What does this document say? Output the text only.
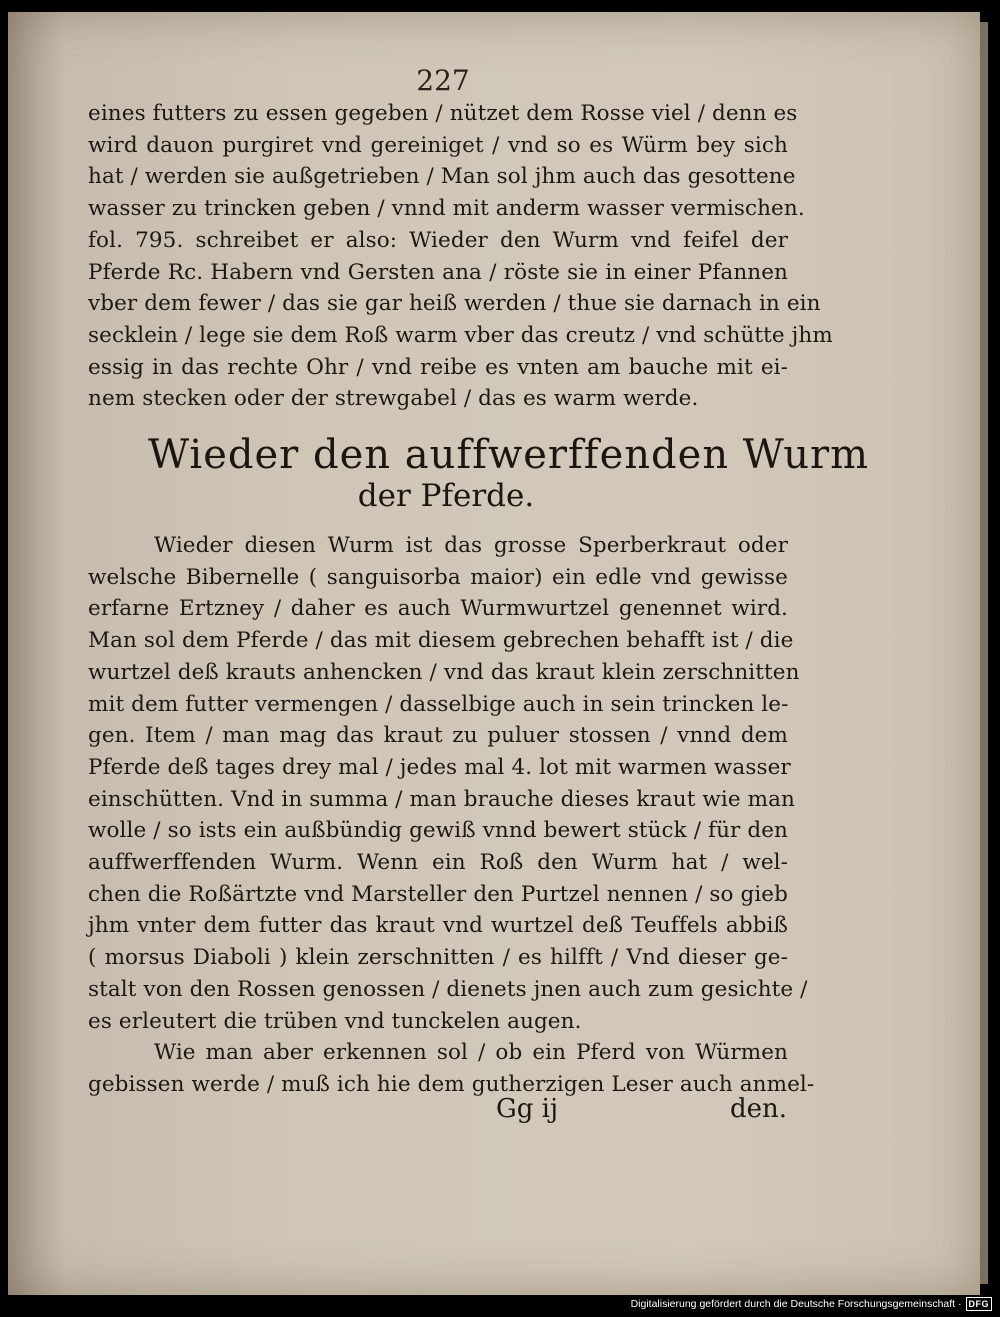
227
eines futters zu essen gegeben / nützet dem Rosse viel / denn es
wird dauon purgiret vnd gereiniget / vnd so es Würm bey sich
hat / werden sie außgetrieben / Man sol jhm auch das gesottene
wasser zu trincken geben / vnnd mit anderm wasser vermischen.
fol. 795. schreibet er also: Wieder den Wurm vnd feifel der
Pferde Rc. Habern vnd Gersten ana / röste sie in einer Pfannen
vber dem fewer / das sie gar heiß werden / thue sie darnach in ein
secklein / lege sie dem Roß warm vber das creutz / vnd schütte jhm
essig in das rechte Ohr / vnd reibe es vnten am bauche mit ei-
nem stecken oder der strewgabel / das es warm werde.
Wieder den auffwerffenden Wurm
der Pferde.
Wieder diesen Wurm ist das grosse Sperberkraut oder
welsche Bibernelle ( sanguisorba maior) ein edle vnd gewisse
erfarne Ertzney / daher es auch Wurmwurtzel genennet wird.
Man sol dem Pferde / das mit diesem gebrechen behafft ist / die
wurtzel deß krauts anhencken / vnd das kraut klein zerschnitten
mit dem futter vermengen / dasselbige auch in sein trincken le-
gen. Item / man mag das kraut zu puluer stossen / vnnd dem
Pferde deß tages drey mal / jedes mal 4. lot mit warmen wasser
einschütten. Vnd in summa / man brauche dieses kraut wie man
wolle / so ists ein außbündig gewiß vnnd bewert stück / für den
auffwerffenden Wurm. Wenn ein Roß den Wurm hat / wel-
chen die Roßärtzte vnd Marsteller den Purtzel nennen / so gieb
jhm vnter dem futter das kraut vnd wurtzel deß Teuffels abbiß
( morsus Diaboli ) klein zerschnitten / es hilfft / Vnd dieser ge-
stalt von den Rossen genossen / dienets jnen auch zum gesichte /
es erleutert die trüben vnd tunckelen augen.
Wie man aber erkennen sol / ob ein Pferd von Würmen
gebissen werde / muß ich hie dem gutherzigen Leser auch anmel-
Gg ij	den.
Digitalisierung gefördert durch die Deutsche Forschungsgemeinschaft · DFG
